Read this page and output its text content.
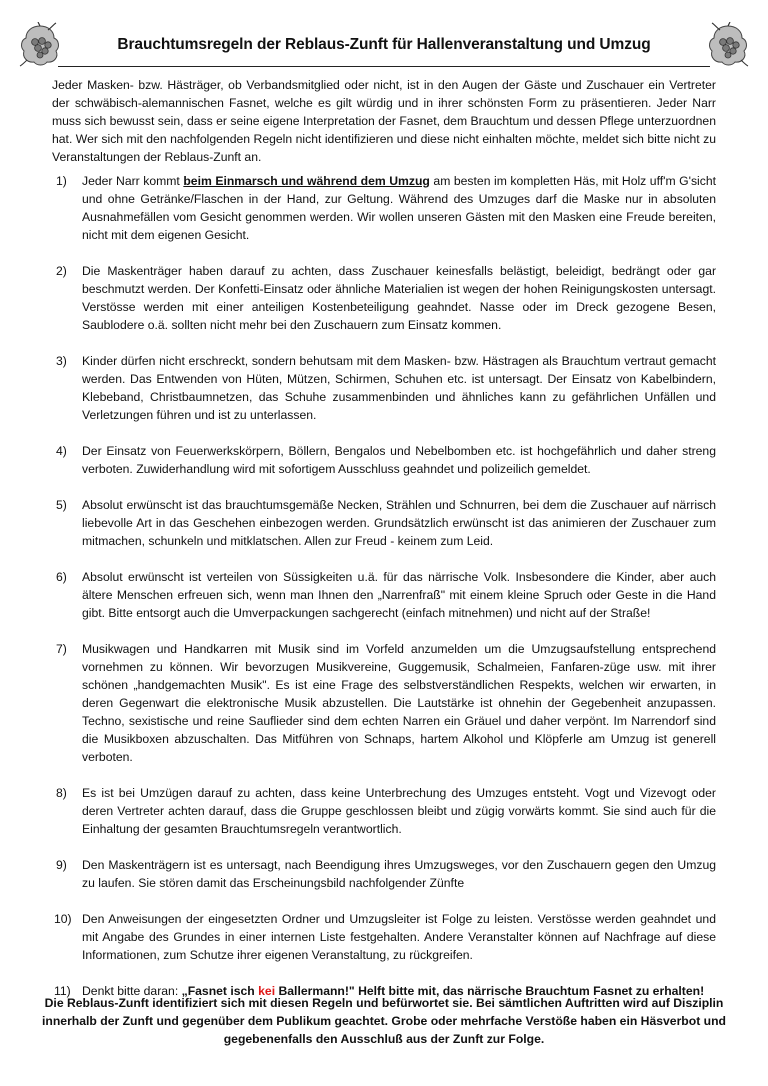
Brauchtumsregeln der Reblaus-Zunft für Hallenveranstaltung und Umzug
Jeder Masken- bzw. Hästräger, ob Verbandsmitglied oder nicht, ist in den Augen der Gäste und Zuschauer ein Vertreter der schwäbisch-alemannischen Fasnet, welche es gilt würdig und in ihrer schönsten Form zu präsentieren. Jeder Narr muss sich bewusst sein, dass er seine eigene Interpretation der Fasnet, dem Brauchtum und dessen Pflege unterzuordnen hat. Wer sich mit den nachfolgenden Regeln nicht identifizieren und diese nicht einhalten möchte, meldet sich bitte nicht zu Veranstaltungen der Reblaus-Zunft an.
1) Jeder Narr kommt beim Einmarsch und während dem Umzug am besten im kompletten Häs, mit Holz uff'm G'sicht und ohne Getränke/Flaschen in der Hand, zur Geltung. Während des Umzuges darf die Maske nur in absoluten Ausnahmefällen vom Gesicht genommen werden. Wir wollen unseren Gästen mit den Masken eine Freude bereiten, nicht mit dem eigenen Gesicht.
2) Die Maskenträger haben darauf zu achten, dass Zuschauer keinesfalls belästigt, beleidigt, bedrängt oder gar beschmutzt werden. Der Konfetti-Einsatz oder ähnliche Materialien ist wegen der hohen Reinigungskosten untersagt. Verstösse werden mit einer anteiligen Kostenbeteiligung geahndet. Nasse oder im Dreck gezogene Besen, Saublodere o.ä. sollten nicht mehr bei den Zuschauern zum Einsatz kommen.
3) Kinder dürfen nicht erschreckt, sondern behutsam mit dem Masken- bzw. Hästragen als Brauchtum vertraut gemacht werden. Das Entwenden von Hüten, Mützen, Schirmen, Schuhen etc. ist untersagt. Der Einsatz von Kabelbindern, Klebeband, Christbaumnetzen, das Schuhe zusammenbinden und ähnliches kann zu gefährlichen Unfällen und Verletzungen führen und ist zu unterlassen.
4) Der Einsatz von Feuerwerkskörpern, Böllern, Bengalos und Nebelbomben etc. ist hochgefährlich und daher streng verboten. Zuwiderhandlung wird mit sofortigem Ausschluss geahndet und polizeilich gemeldet.
5) Absolut erwünscht ist das brauchtumsgemäße Necken, Strählen und Schnurren, bei dem die Zuschauer auf närrisch liebevolle Art in das Geschehen einbezogen werden. Grundsätzlich erwünscht ist das animieren der Zuschauer zum mitmachen, schunkeln und mitklatschen. Allen zur Freud - keinem zum Leid.
6) Absolut erwünscht ist verteilen von Süssigkeiten u.ä. für das närrische Volk. Insbesondere die Kinder, aber auch ältere Menschen erfreuen sich, wenn man Ihnen den „Narrenfraß" mit einem kleine Spruch oder Geste in die Hand gibt. Bitte entsorgt auch die Umverpackungen sachgerecht (einfach mitnehmen) und nicht auf der Straße!
7) Musikwagen und Handkarren mit Musik sind im Vorfeld anzumelden um die Umzugsaufstellung entsprechend vornehmen zu können. Wir bevorzugen Musikvereine, Guggemusik, Schalmeien, Fanfaren-züge usw. mit ihrer schönen „handgemachten Musik". Es ist eine Frage des selbstverständlichen Respekts, welchen wir erwarten, in deren Gegenwart die elektronische Musik abzustellen. Die Lautstärke ist ohnehin der Gegebenheit anzupassen. Techno, sexistische und reine Sauflieder sind dem echten Narren ein Gräuel und daher verpönt. Im Narrendorf sind die Musikboxen abzuschalten. Das Mitführen von Schnaps, hartem Alkohol und Klöpferle am Umzug ist generell verboten.
8) Es ist bei Umzügen darauf zu achten, dass keine Unterbrechung des Umzuges entsteht. Vogt und Vizevogt oder deren Vertreter achten darauf, dass die Gruppe geschlossen bleibt und zügig vorwärts kommt. Sie sind auch für die Einhaltung der gesamten Brauchtumsregeln verantwortlich.
9) Den Maskenträgern ist es untersagt, nach Beendigung ihres Umzugsweges, vor den Zuschauern gegen den Umzug zu laufen. Sie stören damit das Erscheinungsbild nachfolgender Zünfte
10) Den Anweisungen der eingesetzten Ordner und Umzugsleiter ist Folge zu leisten. Verstösse werden geahndet und mit Angabe des Grundes in einer internen Liste festgehalten. Andere Veranstalter können auf Nachfrage auf diese Informationen, zum Schutze ihrer eigenen Veranstaltung, zu rückgreifen.
11) Denkt bitte daran: „Fasnet isch kei Ballermann!" Helft bitte mit, das närrische Brauchtum Fasnet zu erhalten!
Die Reblaus-Zunft identifiziert sich mit diesen Regeln und befürwortet sie. Bei sämtlichen Auftritten wird auf Disziplin innerhalb der Zunft und gegenüber dem Publikum geachtet. Grobe oder mehrfache Verstöße haben ein Häsverbot und gegebenenfalls den Ausschluß aus der Zunft zur Folge.
